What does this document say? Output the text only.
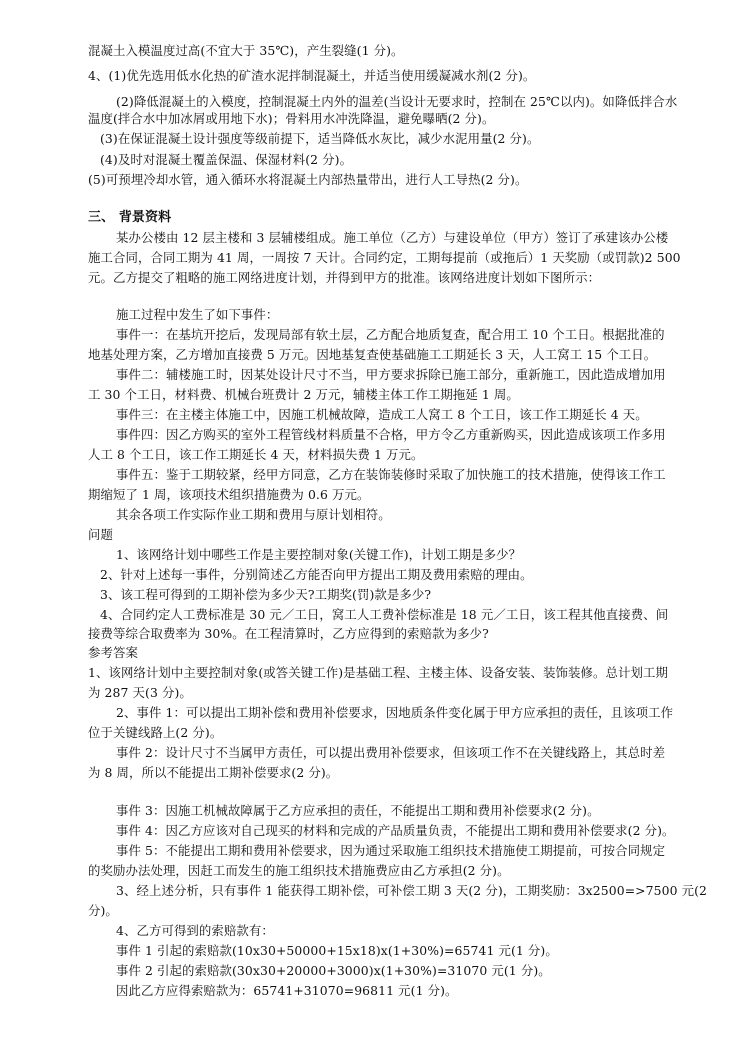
混凝土入模温度过高(不宜大于 35℃)，产生裂缝(1 分)。
4、(1)优先选用低水化热的矿渣水泥拌制混凝土，并适当使用缓凝减水剂(2 分)。
(2)降低混凝土的入模度，控制混凝土内外的温差(当设计无要求时，控制在 25℃以内)。如降低拌合水
温度(拌合水中加冰屑或用地下水)；骨料用水冲洗降温，避免曝晒(2 分)。
(3)在保证混凝土设计强度等级前提下，适当降低水灰比，减少水泥用量(2 分)。
(4)及时对混凝土覆盖保温、保湿材料(2 分)。
(5)可预埋冷却水管，通入循环水将混凝土内部热量带出，进行人工导热(2 分)。
三、 背景资料
某办公楼由 12 层主楼和 3 层辅楼组成。施工单位（乙方）与建设单位（甲方）签订了承建该办公楼
施工合同，合同工期为 41 周，一周按 7 天计。合同约定，工期每提前（或拖后）1 天奖励（或罚款)2 500
元。乙方提交了粗略的施工网络进度计划，并得到甲方的批准。该网络进度计划如下图所示：
施工过程中发生了如下事件：
事件一：在基坑开挖后，发现局部有软土层，乙方配合地质复查，配合用工 10 个工日。根据批准的
地基处理方案，乙方增加直接费 5 万元。因地基复查使基础施工工期延长 3 天，人工窝工 15 个工日。
事件二：辅楼施工时，因某处设计尺寸不当，甲方要求拆除已施工部分，重新施工，因此造成增加用
工 30 个工日，材料费、机械台班费计 2 万元，辅楼主体工作工期拖延 1 周。
事件三：在主楼主体施工中，因施工机械故障，造成工人窝工 8 个工日，该工作工期延长 4 天。
事件四：因乙方购买的室外工程管线材料质量不合格，甲方令乙方重新购买，因此造成该项工作多用
人工 8 个工日，该工作工期延长 4 天，材料损失费 1 万元。
事件五：鉴于工期较紧，经甲方同意，乙方在装饰装修时采取了加快施工的技术措施，使得该工作工
期缩短了 1 周，该项技术组织措施费为 0.6 万元。
其余各项工作实际作业工期和费用与原计划相符。
问题
1、该网络计划中哪些工作是主要控制对象(关键工作)，计划工期是多少？
2、针对上述每一事件，分别简述乙方能否向甲方提出工期及费用索赔的理由。
3、该工程可得到的工期补偿为多少天?工期奖(罚)款是多少?
4、合同约定人工费标准是 30 元／工日，窝工人工费补偿标准是 18 元／工日，该工程其他直接费、间
接费等综合取费率为 30%。在工程清算时，乙方应得到的索赔款为多少?
参考答案
1、该网络计划中主要控制对象(或答关键工作)是基础工程、主楼主体、设备安装、装饰装修。总计划工期
为 287 天(3 分)。
2、事件 1：可以提出工期补偿和费用补偿要求，因地质条件变化属于甲方应承担的责任，且该项工作
位于关键线路上(2 分)。
事件 2：设计尺寸不当属甲方责任，可以提出费用补偿要求，但该项工作不在关键线路上，其总时差
为 8 周，所以不能提出工期补偿要求(2 分)。
事件 3：因施工机械故障属于乙方应承担的责任，不能提出工期和费用补偿要求(2 分)。
事件 4：因乙方应该对自己现买的材料和完成的产品质量负责，不能提出工期和费用补偿要求(2 分)。
事件 5：不能提出工期和费用补偿要求，因为通过采取施工组织技术措施使工期提前，可按合同规定
的奖励办法处理，因赶工而发生的施工组织技术措施费应由乙方承担(2 分)。
3、经上述分析，只有事件 1 能获得工期补偿，可补偿工期 3 天(2 分)，工期奖励：3x2500=>7500 元(2
分)。
4、乙方可得到的索赔款有：
事件 1 引起的索赔款(10x30+50000+15x18)x(1+30%)=65741 元(1 分)。
事件 2 引起的索赔款(30x30+20000+3000)x(1+30%)=31070 元(1 分)。
因此乙方应得索赔款为：65741+31070=96811 元(1 分)。
